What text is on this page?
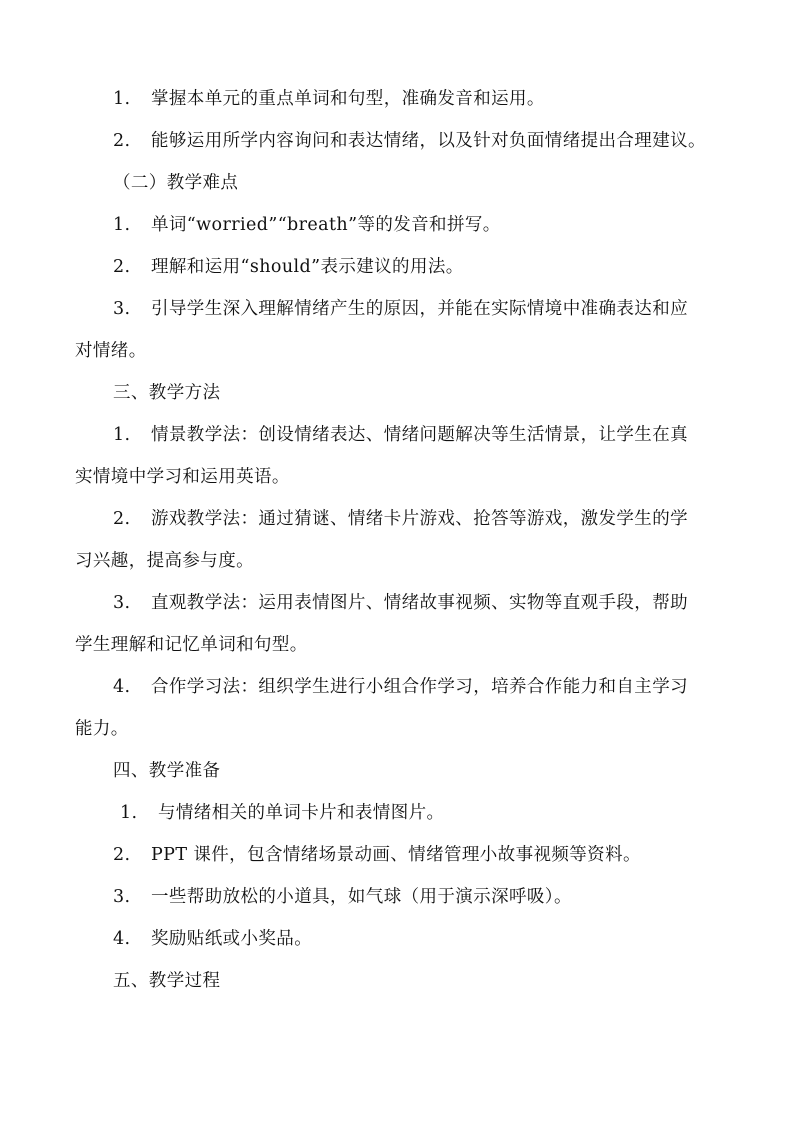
1. 掌握本单元的重点单词和句型，准确发音和运用。
2. 能够运用所学内容询问和表达情绪，以及针对负面情绪提出合理建议。
（二）教学难点
1. 单词“worried”“breath”等的发音和拼写。
2. 理解和运用“should”表示建议的用法。
3. 引导学生深入理解情绪产生的原因，并能在实际情境中准确表达和应
对情绪。
三、教学方法
1. 情景教学法：创设情绪表达、情绪问题解决等生活情景，让学生在真
实情境中学习和运用英语。
2. 游戏教学法：通过猜谜、情绪卡片游戏、抢答等游戏，激发学生的学
习兴趣，提高参与度。
3. 直观教学法：运用表情图片、情绪故事视频、实物等直观手段，帮助
学生理解和记忆单词和句型。
4. 合作学习法：组织学生进行小组合作学习，培养合作能力和自主学习
能力。
四、教学准备
1. 与情绪相关的单词卡片和表情图片。
2. PPT 课件，包含情绪场景动画、情绪管理小故事视频等资料。
3. 一些帮助放松的小道具，如气球（用于演示深呼吸）。
4. 奖励贴纸或小奖品。
五、教学过程
